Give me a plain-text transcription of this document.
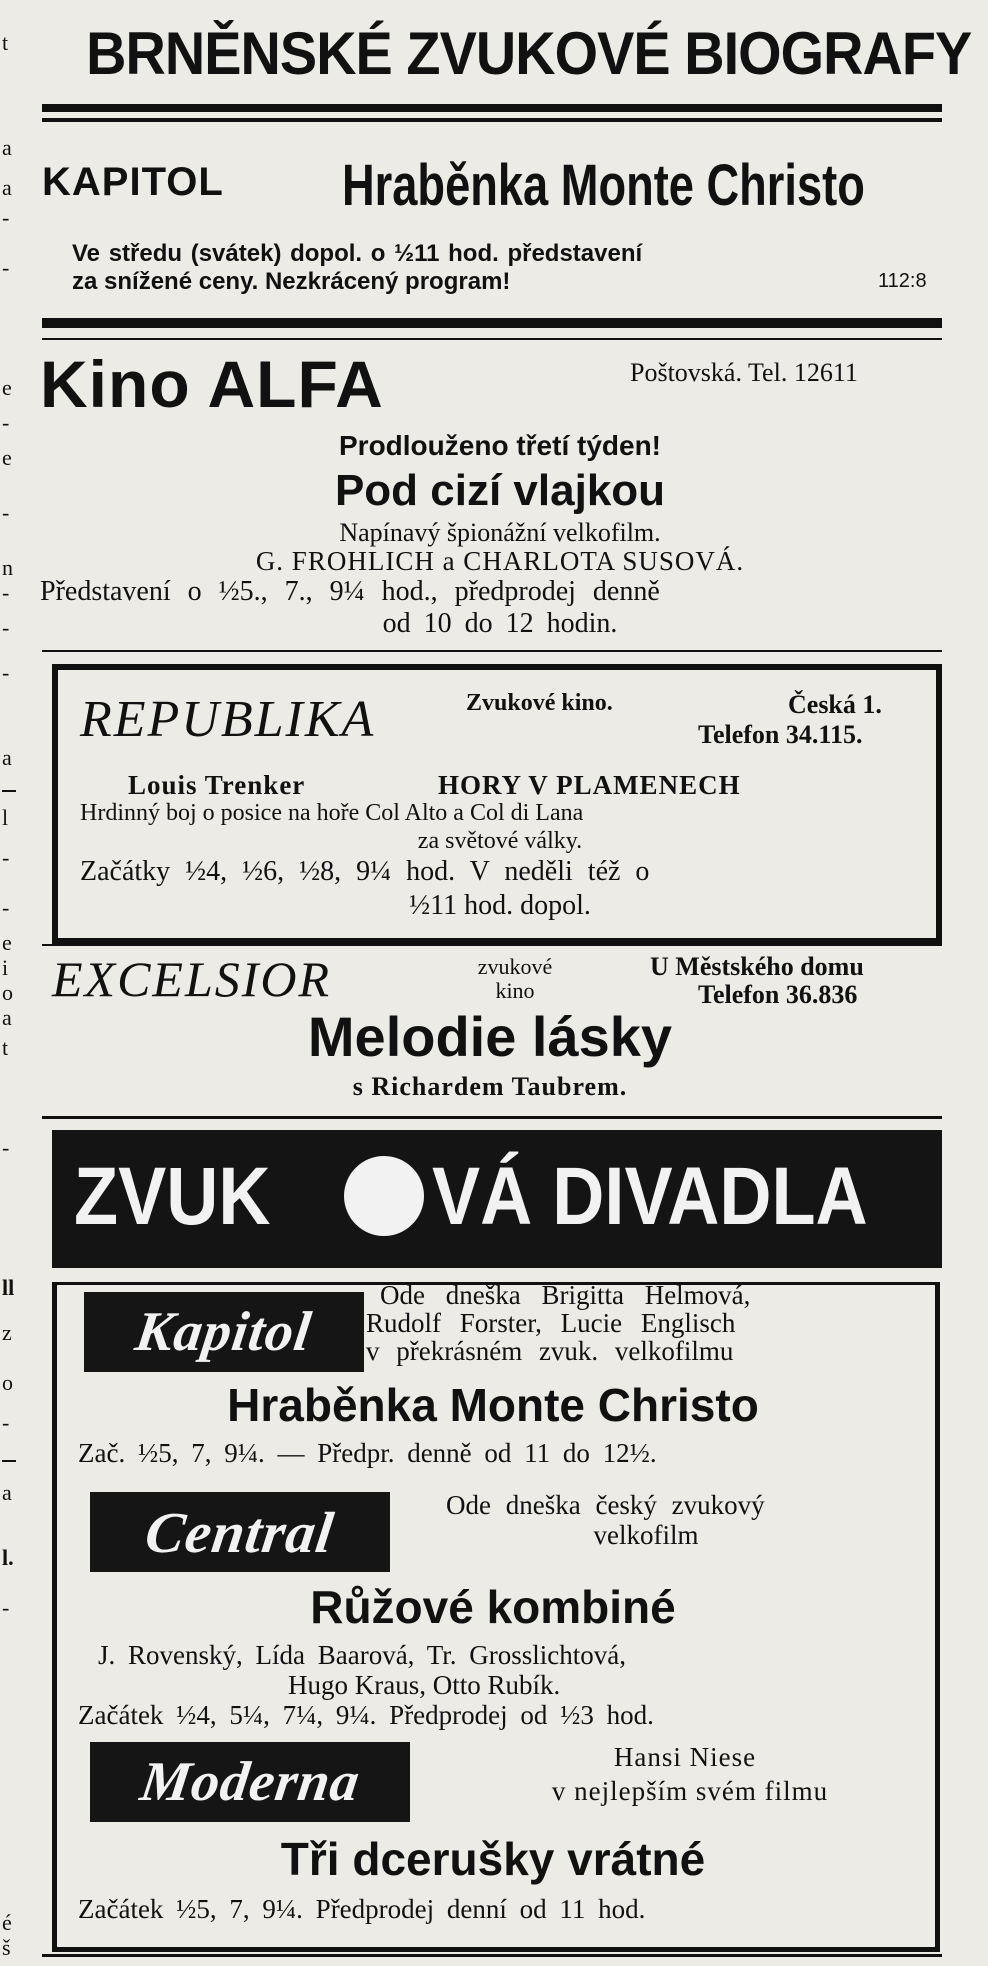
t
a
a
-
-
e
-
e
-
n
-
-
-
a
l
-
-
e
i
o
a
t
-
ll
z
o
-
a
l.
-
é
š
BRNĚNSKÉ ZVUKOVÉ BIOGRAFY
KAPITOL Hraběnka Monte Christo
Ve středu (svátek) dopol. o ½11 hod. představení
za snížené ceny. Nezkrácený program!	112:8
Kino ALFA	Poštovská. Tel. 12611
Prodlouženo třetí týden!
Pod cizí vlajkou
Napínavý špionážní velkofilm.
G. FROHLICH a CHARLOTA SUSOVÁ.
Představení o ½5., 7., 9¼ hod., předprodej denně
od 10 do 12 hodin.
REPUBLIKA	Zvukové kino.	Česká 1.
Telefon 34.115.
Louis Trenker	HORY V PLAMENECH
Hrdinný boj o posice na hoře Col Alto a Col di Lana
za světové války.
Začátky ½4, ½6, ½8, 9¼ hod. V neděli též o
½11 hod. dopol.
EXCELSIOR	zvukové
kino
U Městského domu
Telefon 36.836
Melodie lásky
s Richardem Taubrem.
ZVUK VÁ DIVADLA
Kapitol
Ode dneška Brigitta Helmová,
Rudolf Forster, Lucie Englisch
v překrásném zvuk. velkofilmu
Hraběnka Monte Christo
Zač. ½5, 7, 9¼. — Předpr. denně od 11 do 12½.
Central	Ode dneška český zvukový
velkofilm
Růžové kombiné
J. Rovenský, Lída Baarová, Tr. Grosslichtová,
Hugo Kraus, Otto Rubík.
Začátek ½4, 5¼, 7¼, 9¼. Předprodej od ½3 hod.
Moderna	Hansi Niese
v nejlepším svém filmu
Tři dcerušky vrátné
Začátek ½5, 7, 9¼. Předprodej denní od 11 hod.
